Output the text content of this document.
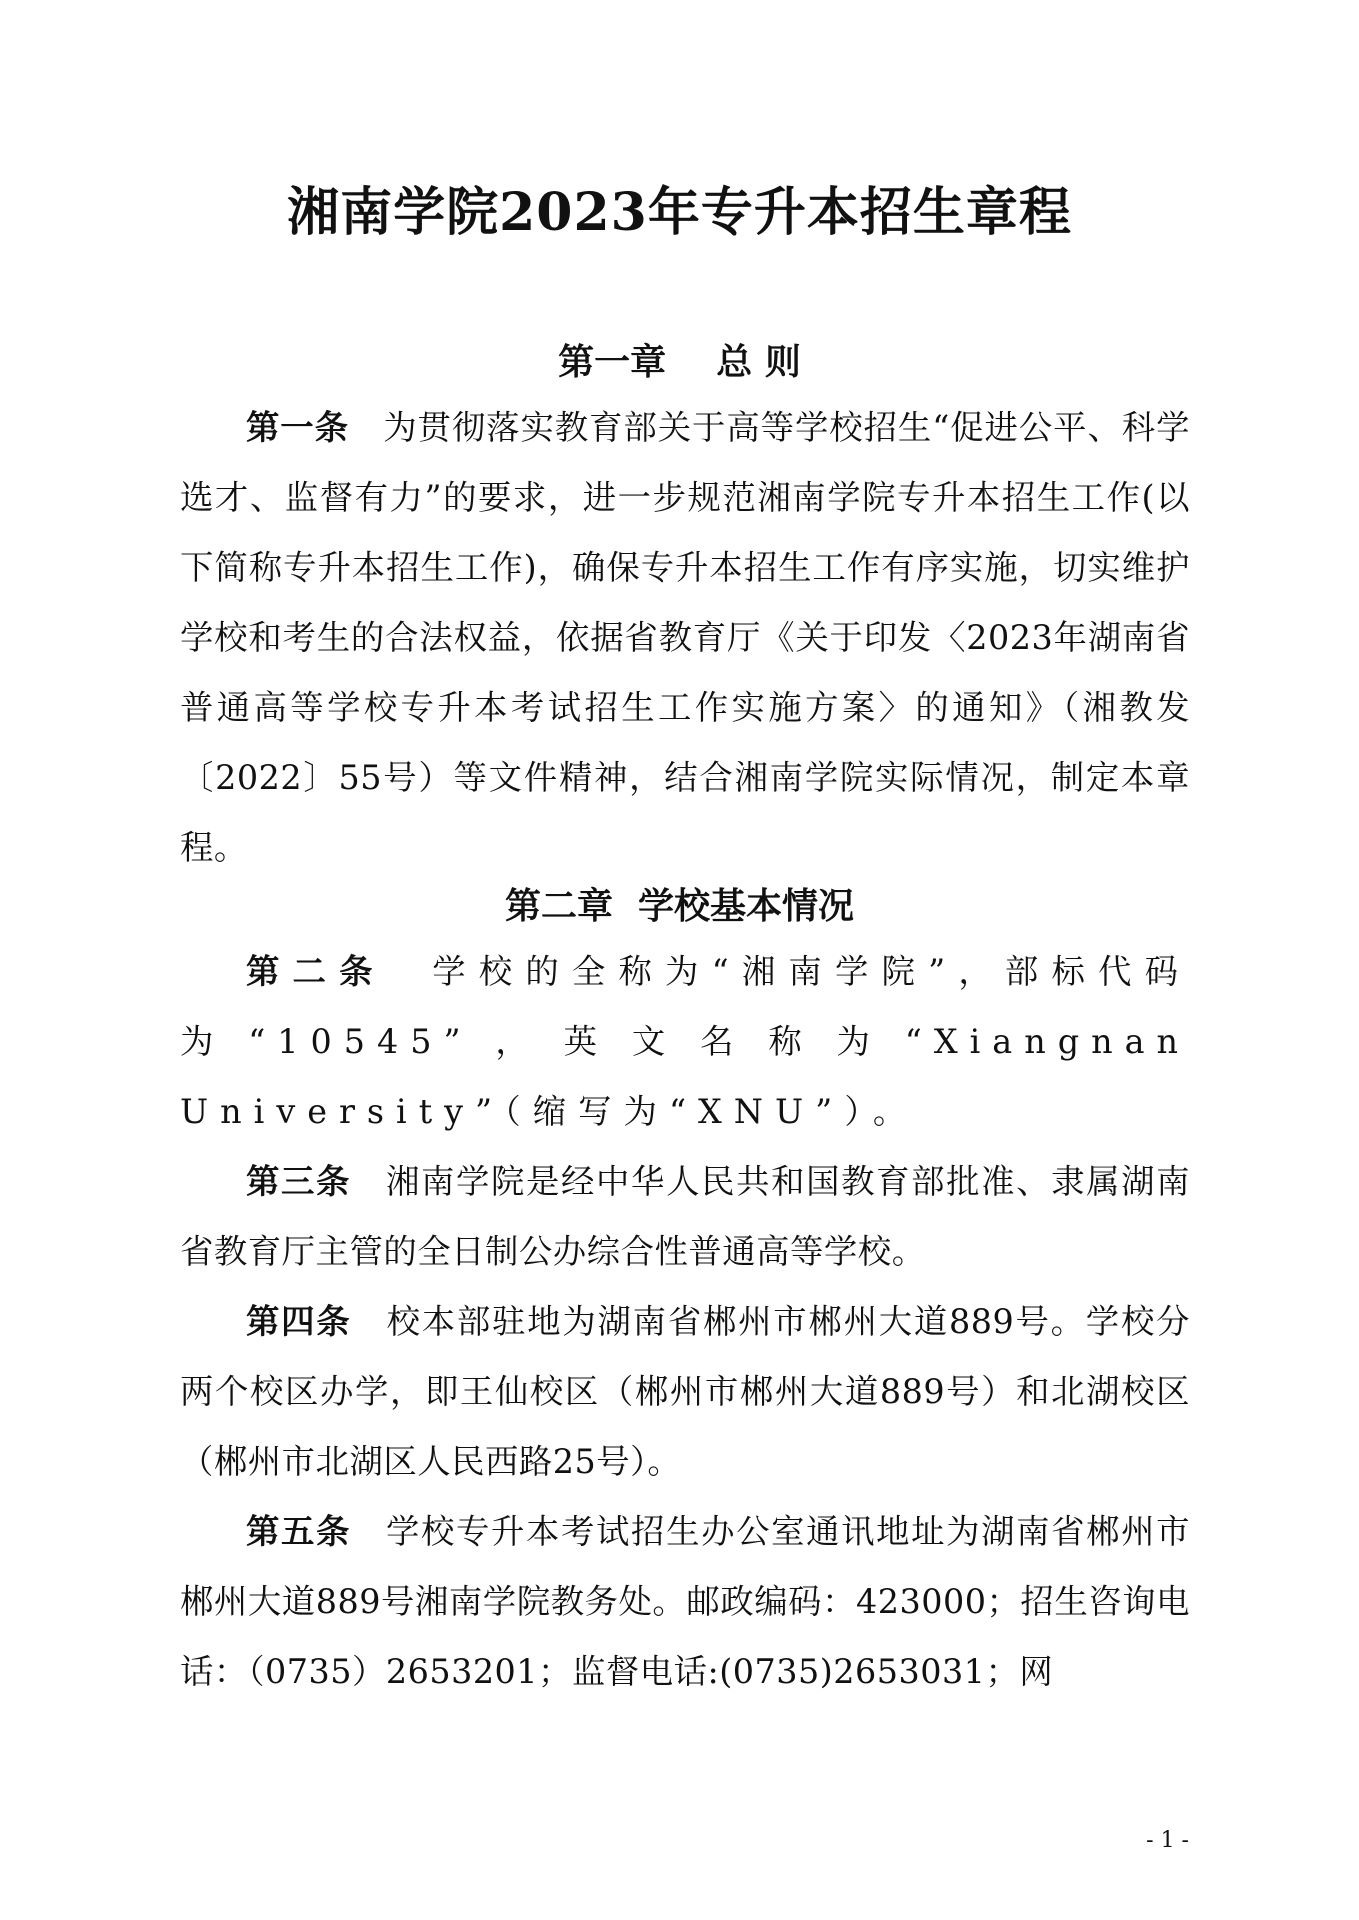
湘南学院2023年专升本招生章程
第一章    总 则

第一条　 为贯彻落实教育部关于高等学校招生“促进公平、科学选才、监督有力”的要求，进一步规范湘南学院专升本招生工作(以下简称专升本招生工作)，确保专升本招生工作有序实施，切实维护学校和考生的合法权益，依据省教育厅《关于印发〈2023年湖南省普通高等学校专升本考试招生工作实施方案〉的通知》（湘教发〔2022〕55号）等文件精神，结合湘南学院实际情况，制定本章程。

第二章  学校基本情况

第二条　 学校的全称为“湘南学院”，部标代码为“10545”，英文名称为“Xiangnan University”（缩写为“XNU”）。

第三条　 湘南学院是经中华人民共和国教育部批准、隶属湖南省教育厅主管的全日制公办综合性普通高等学校。

第四条　 校本部驻地为湖南省郴州市郴州大道889号。学校分两个校区办学，即王仙校区（郴州市郴州大道889号）和北湖校区（郴州市北湖区人民西路25号）。

第五条　 学校专升本考试招生办公室通讯地址为湖南省郴州市郴州大道889号湘南学院教务处。邮政编码：423000；招生咨询电话：（0735）2653201；监督电话:(0735)2653031；网

- 1 -
